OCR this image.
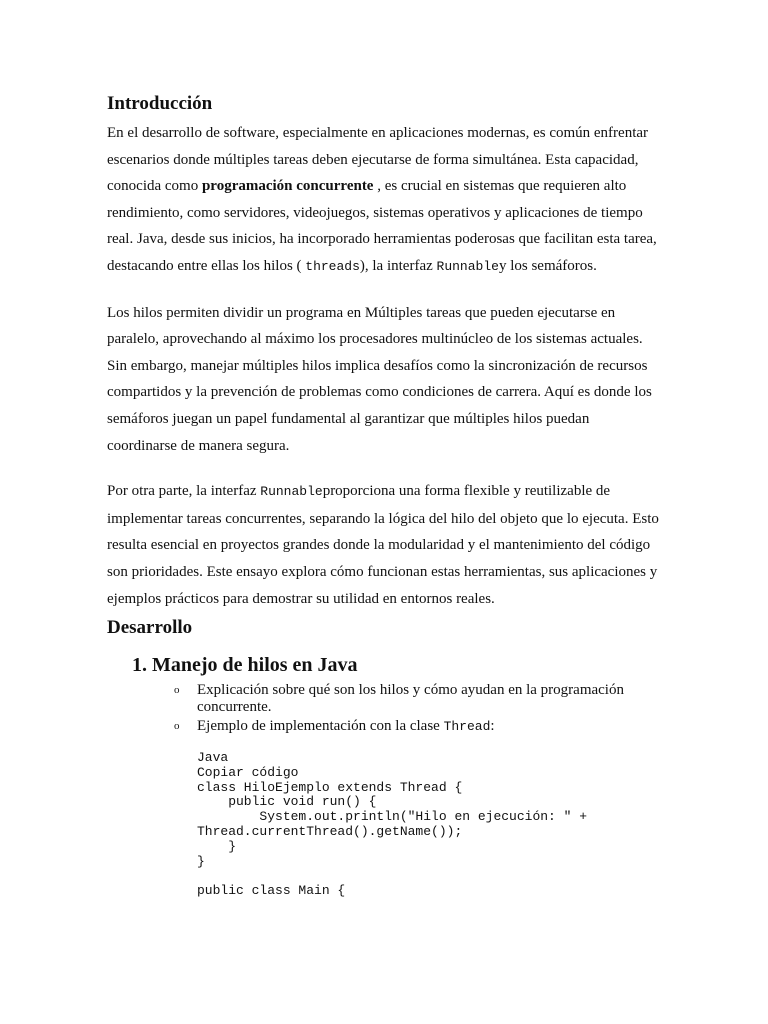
Introducción

En el desarrollo de software, especialmente en aplicaciones modernas, es común enfrentar escenarios donde múltiples tareas deben ejecutarse de forma simultánea. Esta capacidad, conocida como programación concurrente , es crucial en sistemas que requieren alto rendimiento, como servidores, videojuegos, sistemas operativos y aplicaciones de tiempo real. Java, desde sus inicios, ha incorporado herramientas poderosas que facilitan esta tarea, destacando entre ellas los hilos ( threads), la interfaz Runnabley los semáforos.

Los hilos permiten dividir un programa en Múltiples tareas que pueden ejecutarse en paralelo, aprovechando al máximo los procesadores multinúcleo de los sistemas actuales. Sin embargo, manejar múltiples hilos implica desafíos como la sincronización de recursos compartidos y la prevención de problemas como condiciones de carrera. Aquí es donde los semáforos juegan un papel fundamental al garantizar que múltiples hilos puedan coordinarse de manera segura.

Por otra parte, la interfaz Runnableproporciona una forma flexible y reutilizable de implementar tareas concurrentes, separando la lógica del hilo del objeto que lo ejecuta. Esto resulta esencial en proyectos grandes donde la modularidad y el mantenimiento del código son prioridades. Este ensayo explora cómo funcionan estas herramientas, sus aplicaciones y ejemplos prácticos para demostrar su utilidad en entornos reales.

Desarrollo
1. Manejo de hilos en Java
o Explicación sobre qué son los hilos y cómo ayudan en la programación concurrente.
o Ejemplo de implementación con la clase Thread:
Java
Copiar código
class HiloEjemplo extends Thread {
public void run() {
System.out.println("Hilo en ejecución: " +
Thread.currentThread().getName());
}
}

public class Main {
